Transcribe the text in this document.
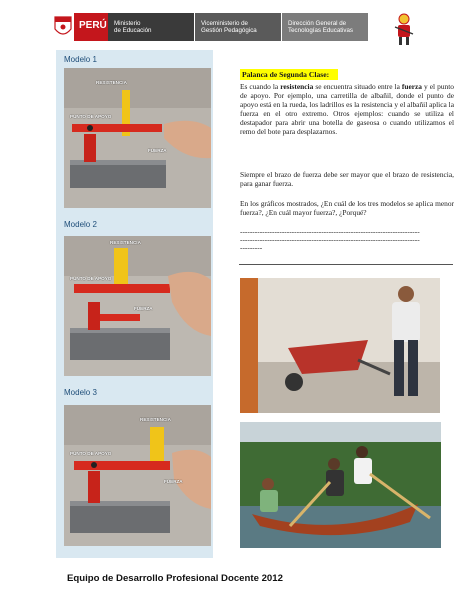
PERÚ	Ministerio
de Educación
Viceministerio de
Gestión Pedagógica
Dirección General de
Tecnologías Educativas
Modelo 1
RESISTENCIA
PUNTO DE APOYO
FUERZA
Modelo 2
RESISTENCIA
PUNTO DE APOYO
FUERZA
Modelo 3
RESISTENCIA
PUNTO DE APOYO
FUERZA
Palanca de Segunda Clase:

Es cuando la resistencia se encuentra situado entre la fuerza y el punto de apoyo. Por ejemplo, una carretilla de albañil, donde el punto de apoyo está en la rueda, los ladrillos es la resistencia y el albañil aplica la fuerza en el otro extremo. Otros ejemplos: cuando se utiliza el destapador para abrir una botella de gaseosa o cuando utilizamos el remo del bote para desplazarnos.

Siempre el brazo de fuerza debe ser mayor que el brazo de resistencia, para ganar fuerza.

En los gráficos mostrados, ¿En cuál de los tres modelos se aplica menor fuerza?, ¿En cuál mayor fuerza?, ¿Porqué?

-------------------------------------------------------------------------
-------------------------------------------------------------------------
---------
Equipo de Desarrollo Profesional Docente 2012
